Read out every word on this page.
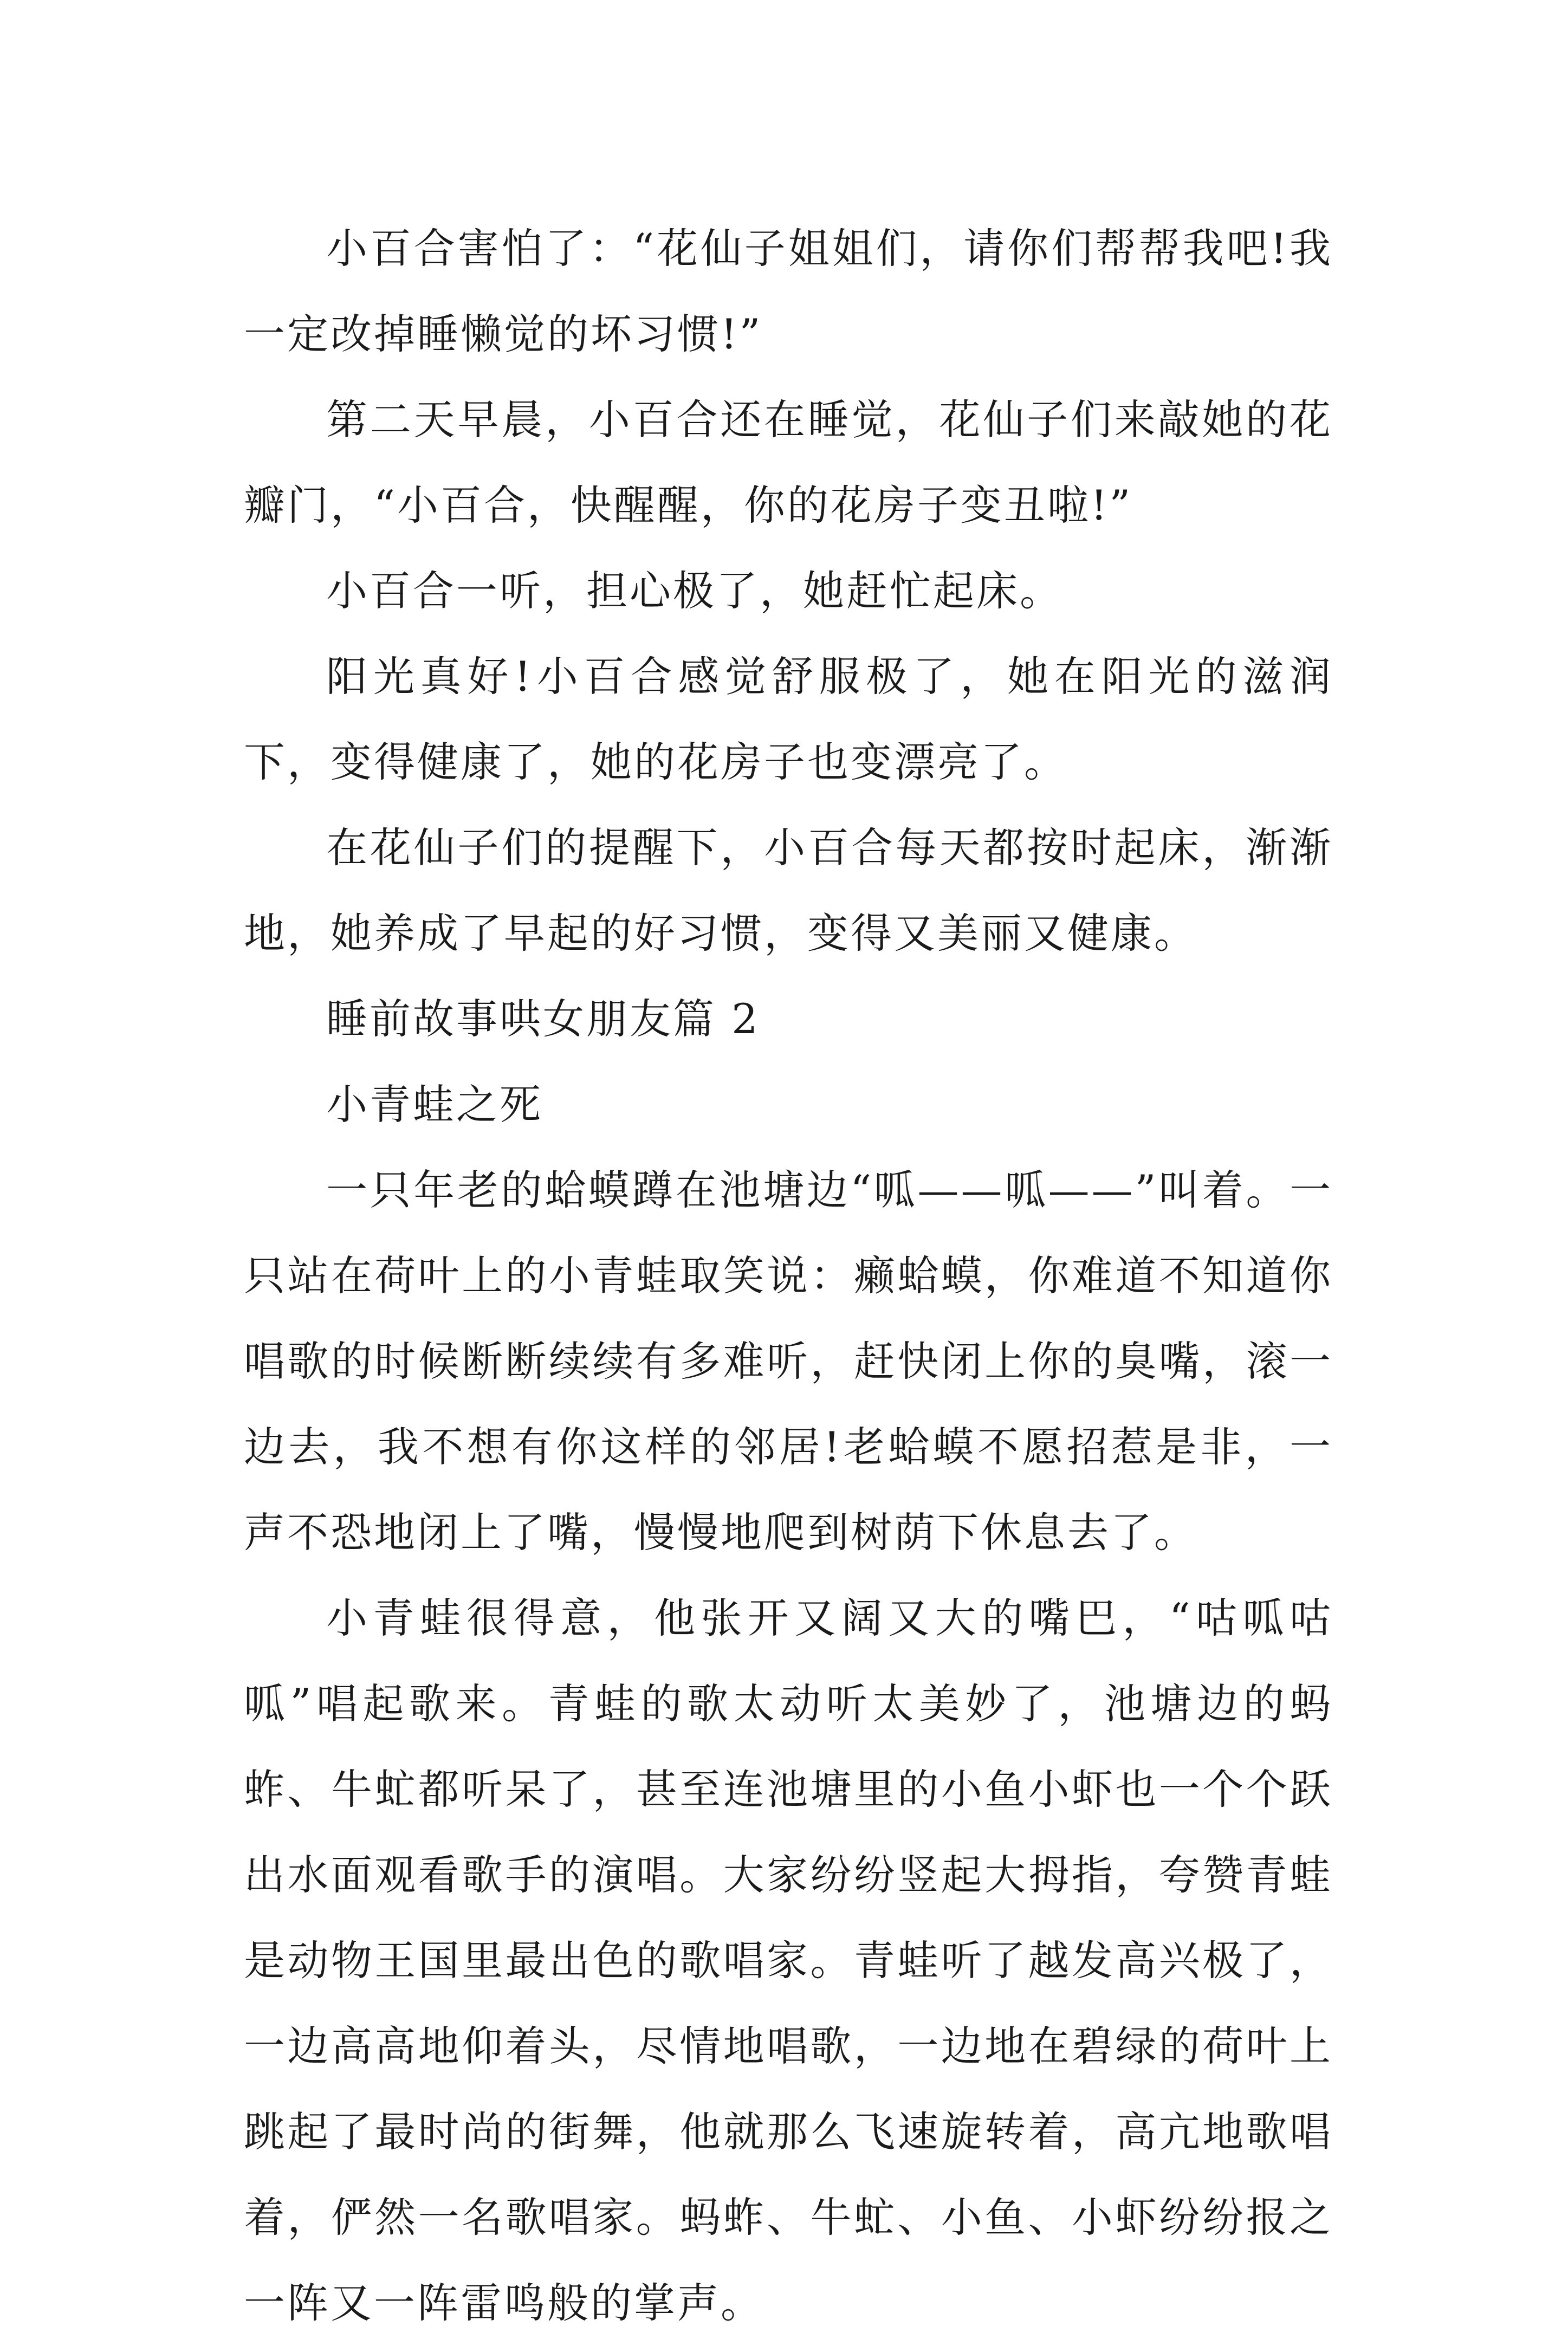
小百合害怕了：“花仙子姐姐们，请你们帮帮我吧!我一定改掉睡懒觉的坏习惯!”

第二天早晨，小百合还在睡觉，花仙子们来敲她的花瓣门，“小百合，快醒醒，你的花房子变丑啦!”

小百合一听，担心极了，她赶忙起床。

阳光真好!小百合感觉舒服极了，她在阳光的滋润下，变得健康了，她的花房子也变漂亮了。

在花仙子们的提醒下，小百合每天都按时起床，渐渐地，她养成了早起的好习惯，变得又美丽又健康。

睡前故事哄女朋友篇 2

小青蛙之死

一只年老的蛤蟆蹲在池塘边“呱——呱——”叫着。一只站在荷叶上的小青蛙取笑说：癞蛤蟆，你难道不知道你唱歌的时候断断续续有多难听，赶快闭上你的臭嘴，滚一边去，我不想有你这样的邻居!老蛤蟆不愿招惹是非，一声不恐地闭上了嘴，慢慢地爬到树荫下休息去了。

小青蛙很得意，他张开又阔又大的嘴巴，“咕呱咕呱”唱起歌来。青蛙的歌太动听太美妙了，池塘边的蚂蚱、牛虻都听呆了，甚至连池塘里的小鱼小虾也一个个跃出水面观看歌手的演唱。大家纷纷竖起大拇指，夸赞青蛙是动物王国里最出色的歌唱家。青蛙听了越发高兴极了，一边高高地仰着头，尽情地唱歌，一边地在碧绿的荷叶上跳起了最时尚的街舞，他就那么飞速旋转着，高亢地歌唱着，俨然一名歌唱家。蚂蚱、牛虻、小鱼、小虾纷纷报之一阵又一阵雷鸣般的掌声。
